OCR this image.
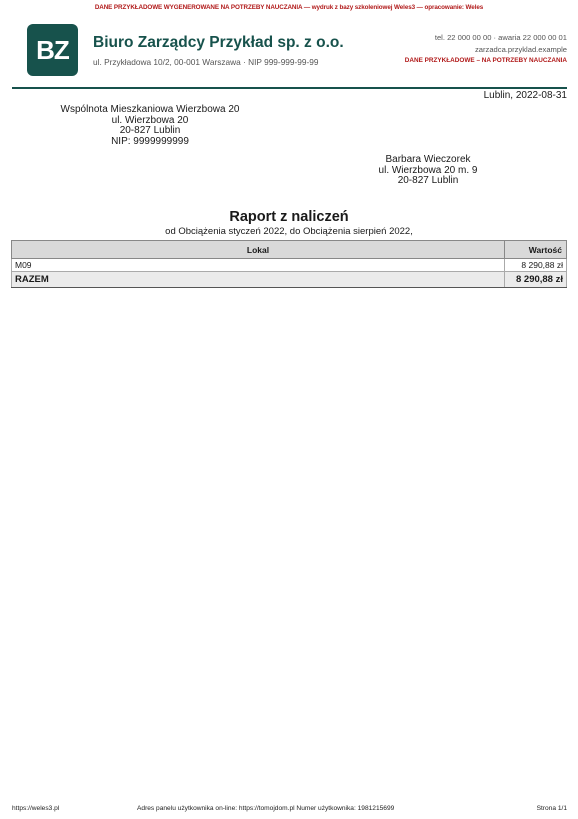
DANE PRZYKŁADOWE WYGENEROWANE NA POTRZEBY NAUCZANIA — wydruk z bazy szkoleniowej Weles3 — opracowanie: Weles
BZ	Biuro Zarządcy Przykład sp. z o.o.
ul. Przykładowa 10/2, 00-001 Warszawa · NIP 999-999-99-99
tel. 22 000 00 00 · awaria 22 000 00 01
zarzadca.przyklad.example
DANE PRZYKŁADOWE – NA POTRZEBY NAUCZANIA
Lublin, 2022-08-31
Wspólnota Mieszkaniowa Wierzbowa 20
ul. Wierzbowa 20
20-827 Lublin
NIP: 9999999999
Barbara Wieczorek
ul. Wierzbowa 20 m. 9
20-827 Lublin
Raport z naliczeń
od Obciążenia styczeń 2022, do Obciążenia sierpień 2022,
Lokal	Wartość
M09	8 290,88 zł
RAZEM	8 290,88 zł
https://weles3.pl	Adres panelu użytkownika on-line: https://tomojdom.pl Numer użytkownika: 1981215699	Strona 1/1
